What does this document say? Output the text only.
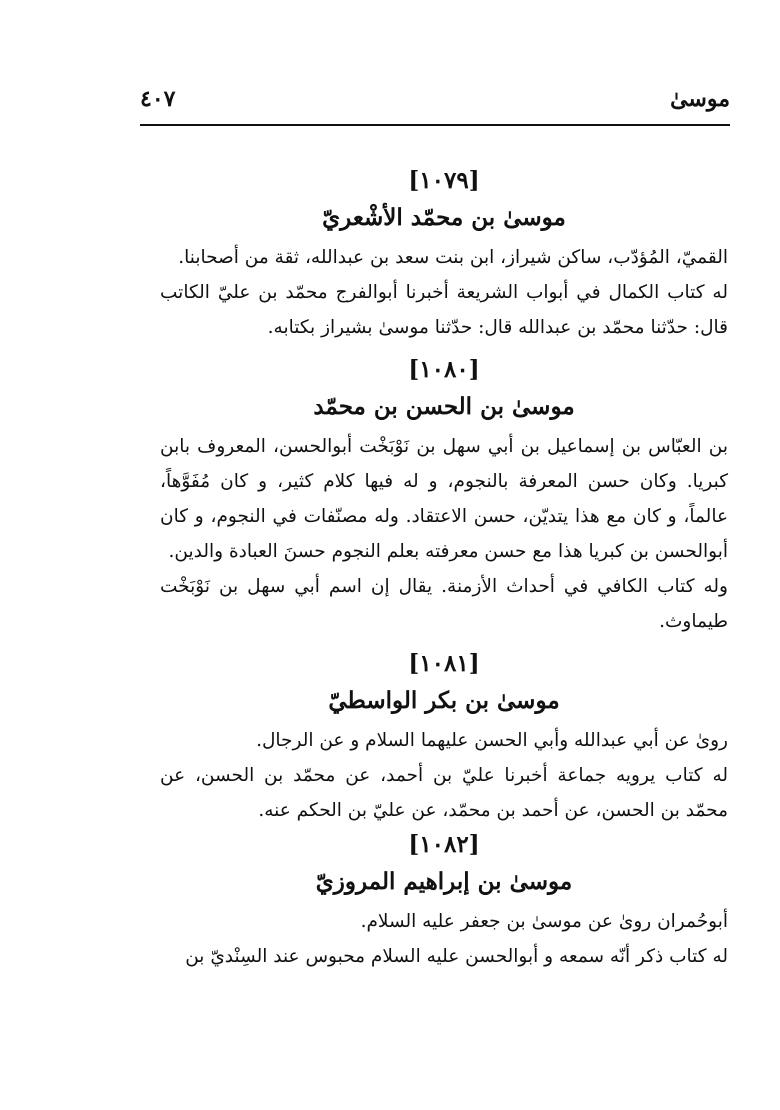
٤٠٧	موسیٰ
[١٠٧٩]
موسیٰ بن محمّد الأشْعريّ

القميّ، المُؤدّب، ساكن شيراز، ابن بنت سعد بن عبدالله، ثقة من أصحابنا.

له كتاب الكمال في أبواب الشريعة أخبرنا أبوالفرج محمّد بن عليّ الكاتب قال: حدّثنا محمّد بن عبدالله قال: حدّثنا موسیٰ بشيراز بكتابه.

[١٠٨٠]
موسیٰ بن الحسن بن محمّد

بن العبّاس بن إسماعيل بن أبي سهل بن نَوْبَخْت أبوالحسن، المعروف بابن كبريا. وكان حسن المعرفة بالنجوم، و له فيها كلام كثير، و كان مُفَوَّهاً، عالماً، و كان مع هذا يتديّن، حسن الاعتقاد. وله مصنّفات في النجوم، و كان أبوالحسن بن كبريا هذا مع حسن معرفته بعلم النجوم حسنَ العبادة والدين.

وله كتاب الكافي في أحداث الأزمنة. يقال إن اسم أبي سهل بن نَوْبَخْت طيماوث.

[١٠٨١]
موسیٰ بن بكر الواسطيّ

روىٰ عن أبي عبدالله وأبي الحسن عليهما السلام و عن الرجال.

له كتاب يرويه جماعة أخبرنا عليّ بن أحمد، عن محمّد بن الحسن، عن محمّد بن الحسن، عن أحمد بن محمّد، عن عليّ بن الحكم عنه.

[١٠٨٢]
موسیٰ بن إبراهيم المروزيّ

أبوحُمران روىٰ عن موسیٰ بن جعفر عليه السلام.

له كتاب ذكر أنّه سمعه و أبوالحسن عليه السلام محبوس عند السِنْديّ بن
